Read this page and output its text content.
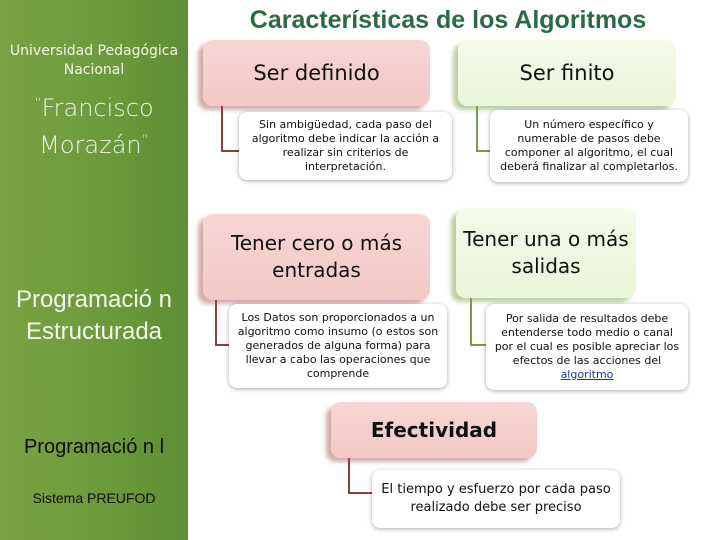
Universidad Pedagógica Nacional
“Francisco Morazán”
Programació n Estructurada
Programació n l
Sistema PREUFOD
Características de los Algoritmos
Ser definido
Sin ambigüedad, cada paso del algoritmo debe indicar la acción a realizar sin criterios de interpretación.
Ser finito
Un número específico y numerable de pasos debe componer al algoritmo, el cual deberá finalizar al completarlos.
Tener cero o más entradas
Los Datos son proporcionados a un algoritmo como insumo (o estos son generados de alguna forma) para llevar a cabo las operaciones que comprende
Tener una o más salidas
Por salida de resultados debe entenderse todo medio o canal por el cual es posible apreciar los efectos de las acciones del algoritmo
Efectividad
El tiempo y esfuerzo por cada paso realizado debe ser preciso
